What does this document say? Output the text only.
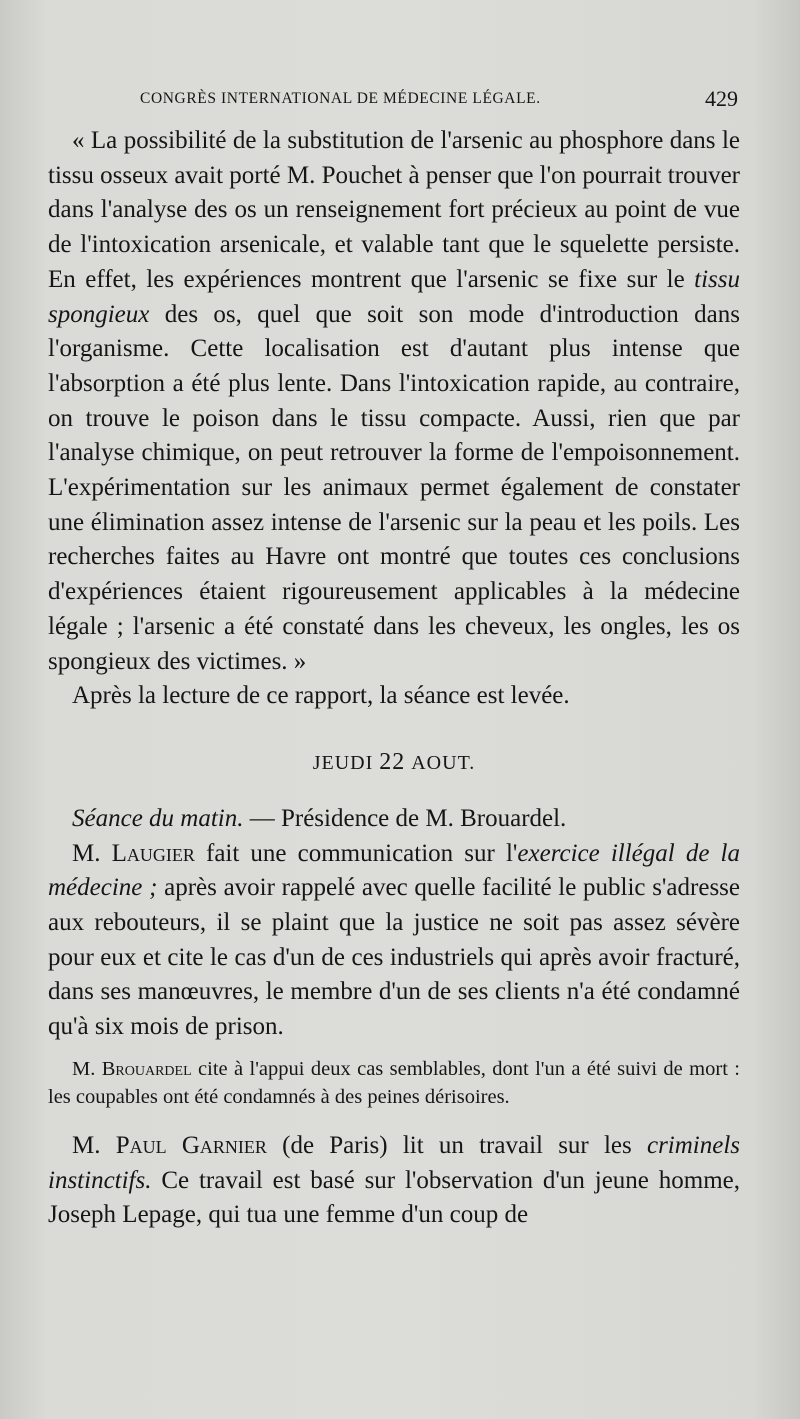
CONGRÈS INTERNATIONAL DE MÉDECINE LÉGALE.	429

« La possibilité de la substitution de l'arsenic au phosphore dans le tissu osseux avait porté M. Pouchet à penser que l'on pourrait trouver dans l'analyse des os un renseignement fort précieux au point de vue de l'intoxication arsenicale, et valable tant que le squelette persiste. En effet, les expériences montrent que l'arsenic se fixe sur le tissu spongieux des os, quel que soit son mode d'introduction dans l'organisme. Cette localisation est d'autant plus intense que l'absorption a été plus lente. Dans l'intoxication rapide, au contraire, on trouve le poison dans le tissu compacte. Aussi, rien que par l'analyse chimique, on peut retrouver la forme de l'empoisonnement. L'expérimentation sur les animaux permet également de constater une élimination assez intense de l'arsenic sur la peau et les poils. Les recherches faites au Havre ont montré que toutes ces conclusions d'expériences étaient rigoureusement applicables à la médecine légale ; l'arsenic a été constaté dans les cheveux, les ongles, les os spongieux des victimes. »

Après la lecture de ce rapport, la séance est levée.

JEUDI 22 AOUT.

Séance du matin. — Présidence de M. Brouardel.

M. Laugier fait une communication sur l'exercice illégal de la médecine ; après avoir rappelé avec quelle facilité le public s'adresse aux rebouteurs, il se plaint que la justice ne soit pas assez sévère pour eux et cite le cas d'un de ces industriels qui après avoir fracturé, dans ses manœuvres, le membre d'un de ses clients n'a été condamné qu'à six mois de prison.

M. Brouardel cite à l'appui deux cas semblables, dont l'un a été suivi de mort : les coupables ont été condamnés à des peines dérisoires.

M. Paul Garnier (de Paris) lit un travail sur les criminels instinctifs. Ce travail est basé sur l'observation d'un jeune homme, Joseph Lepage, qui tua une femme d'un coup de
